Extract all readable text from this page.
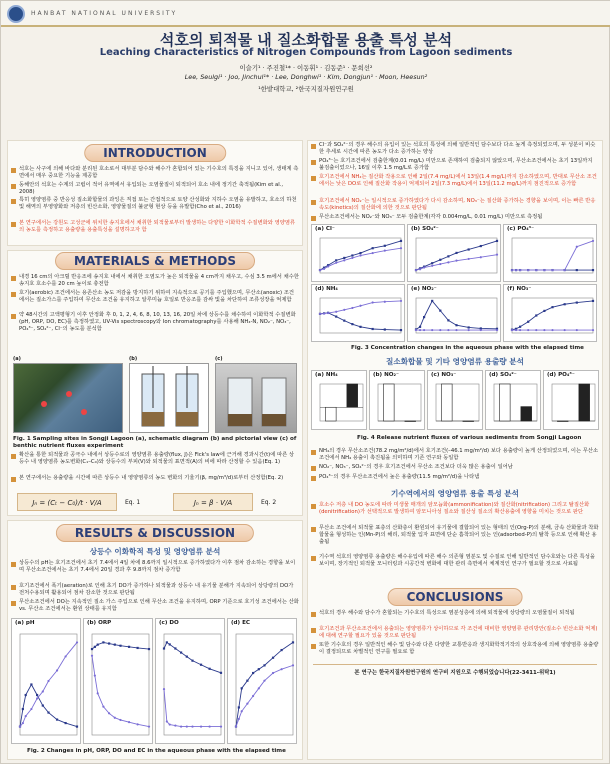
HANBAT NATIONAL UNIVERSITY
석호의 퇴적물 내 질소화합물 용출 특성 분석
Leaching Characteristics of Nitrogen Compounds from Lagoon sediments
이슬기¹ · 주진철¹* · 이동휘¹ · 김동준¹ · 문희선²
Lee, Seulgi¹ · Joo, Jinchul¹* · Lee, Donghwi¹ · Kim, Dongjun¹ · Moon, Heesun²
¹한밭대학교, ²한국지질자원연구원
INTRODUCTION
석호는 사구에 의해 바다와 분리된 호소로서 대부분 담수와 해수가 혼합되어 있는 기수호의 특징을 지니고 있어, 생태계 측면에서 매우 중요한 기능을 제공함
동해안의 석호는 수계의 고립이 적어 유역에서 유입되는 오염물질이 퇴적되어 호소 내에 정기간 축적됨(Kim et al., 2008)
특히 영양염류 중 반응성 질소화합물의 과잉은 직접 또는 간접적으로 토양 산성화와 지하수 오염을 유발하고, 호소의 하천 및 해역의 부영양화와 저층의 빈산소화, 영양물질의 불균형 현상 등을 유발함(Cho et al., 2016)
본 연구에서는 강원도 고성군에 위치한 송지호에서 채취한 퇴적물로부터 발생하는 다양한 이화학적 수질변화와 영양염류의 농도를 측정하고 용출량을 용출특성을 설명하고자 함
MATERIALS & METHODS
내경 16 cm의 아크릴 반응조에 송지호 내에서 채취한 오염도가 높은 퇴적물을 4 cm까지 채우고, 수심 3.5 m에서 채수한 송지호 호소수를 20 cm 높이로 충전함
호기(aerobic) 조건에서는 용존산소 농도 저감을 방지하기 위하여 지속적으로 공기를 주입했으며, 무산소(anoxic) 조건에서는 질소가스를 주입하여 무산소 조건을 유지하고 알루미늄 호일로 반응조를 감싸 빛을 차단하여 조류성장을 억제함
약 48시간의 고액평형기 이후 안정화 후 0, 1, 2, 4, 6, 8, 10, 13, 16, 20일 차에 상등수를 채수하여 이화학적 수질변화(pH, ORP, DO, EC)를 측정하였고, UV-Vis spectroscopy와 Ion chromatography를 사용해 NH₄-N, NO₂⁻, NO₃⁻, PO₄³⁻, SO₄²⁻, Cl⁻의 농도를 분석함
(a)	(b)	(c)
Fig. 1 Sampling sites in Songji Lagoon (a), schematic diagram (b) and pictorial view (c) of benthic nutrient fluxes experiment
확산을 통한 퇴적물과 공극수 내에서 상등수로의 영양염류 용출량(flux, J)은 Fick's law에 근거해 경과시간(t)에 따른 상등수 내 영양염류 농도변화(C₁–C₀)와 상등수의 부피(V)와 퇴적물의 표면적(A)의 비에 따라 산정할 수 있음(Eq. 1)
본 연구에서는 용출량을 시간에 따른 상등수 내 영양염류의 농도 변화의 기울기(β, mg/m³/d)로부터 산정함(Eq. 2)
Jₙ = (Cₜ − C₀)/t · V/A	Eq. 1	Jₙ = β · V/A	Eq. 2
RESULTS & DISCUSSION
상등수 이화학적 특성 및 영양염류 분석
상등수의 pH는 호기조건에서 초기 7.4에서 4일 차에 8.6까지 일시적으로 증가하였다가 이후 점차 감소하는 경향을 보이며 무산소조건에서는 초기 7.4에서 20일 경과 후 9.8까지 점차 증가함
호기조건에서 폭기(aeration)로 인해 초기 DO가 증가하나 퇴적물과 상등수 내 유기물 분해가 지속되어 상당량의 DO가 전처수용되며 활용되어 점차 감소한 것으로 판단됨
무산소조건에서 DO는 지속적인 질소 가스 주입으로 인해 무산소 조건을 유지하며, ORP 기준으로 호기성 조건에서는 산화 vs. 무산소 조건에서는 환원 상태를 유지함
(a) pH	(b) ORP	(c) DO	(d) EC
Fig. 2 Changes in pH, ORP, DO and EC in the aqueous phase with the elapsed time
Cl⁻과 SO₄²⁻의 경우 해수의 유입이 있는 석호의 특성에 의해 일반적인 담수보다 다소 높게 측정되었으며, 두 성분이 비슷한 추세로 시간에 따른 농도가 다소 증가하는 양상
PO₄³⁻는 호기조건에서 검출한계(0.01 mg/L) 미만으로 존재하여 검출되지 않았으며, 무산소조건에서는 초기 13일까지 불검출이었으나, 16일 이후 1.5 mg/L로 증가함
호기조건에서 NH₄는 질산화 작용으로 인해 2일(7.4 mg/L)에서 13일(1.4 mg/L)까지 감소하였으며, 반대로 무산소 조건에서는 낮은 DO로 인해 질산화 작용이 억제되어 2일(7.3 mg/L)에서 13일(11.2 mg/L)까지 점진적으로 증가함
호기조건에서 NO₂⁻는 일시적으로 증가하였다가 다시 감소하며, NO₃⁻는 질산화 증가하는 경향을 보이며, 이는 빠른 반응속도(kinetics)의 질산화에 의한 것으로 판단됨
무산소조건에서는 NO₂⁻와 NO₃⁻ 모두 검출한계(각각 0.004mg/L, 0.01 mg/L) 미만으로 측정됨
(a) Cl⁻	(b) SO₄²⁻	(c) PO₄³⁻
(d) NH₄	(e) NO₂⁻	(f) NO₃⁻
Fig. 3 Concentration changes in the aqueous phase with the elapsed time
질소화합물 및 기타 영양염류 용출량 분석
(a) NH₄	(b) NO₂⁻	(c) NO₃⁻	(d) SO₄²⁻	(d) PO₄³⁻
Fig. 4 Release nutrient fluxes of various sediments from Songji Lagoon
NH₄의 경우 무산소조건(78.2 mg/m²/d)에서 호기조건(–46.1 mg/m²/d) 보다 용출량이 높게 산정되었으며, 이는 무산소 조건에서 NH₄ 용출이 촉진됨을 의미하며 기존 연구와 동일함
NO₂⁻, NO₃⁻, SO₄²⁻의 경우 호기조건에서 무산소 조건보다 더욱 많은 용출이 일어남
PO₄³⁻의 경우 무산소조건에서 높은 용출량(11.5 mg/m²/d)을 나타냄
기수역에서의 영양염류 용출 특성 분석
호소수 저층 내 DO 농도에 따라 미생물 매개의 암모늄화(ammonification)와 질산화(nitrification) 그리고 탈질산화(denitrification)가 선택적으로 발생하여 암모니아성 질소와 질산성 질소의 확산용출에 영향을 미치는 것으로 판단
무산소 조건에서 퇴적물 표층의 산화층이 환원되어 유기물에 결합되어 있는 형태의 인(Org-P)의 분해, 금속 산화물과 착화합물을 형성하는 인(Mn-P)의 해리, 퇴적물 입자 표면에 단순 흡착되어 있는 인(adsorbed-P)의 탈착 등으로 인해 확산 용출됨
기수역 석호의 영양염류 용출량은 해수유입에 따른 해수 의존형 염분도 및 수질로 인해 일반적인 담수호와는 다른 특성을 보이며, 장기적인 퇴적물 모니터링과 시공간적 변화에 대한 관리 측면에서 체계적인 연구가 필요할 것으로 사료됨
CONCLUSIONS
석호의 경우 해수와 담수가 혼합되는 기수호의 특성으로 염분성층에 의해 퇴적물에 상당량의 오염물질이 퇴적됨
호기조건과 무산소조건에서 용출되는 영양염류가 상이하므로 각 조건에 대비한 영양염류 관리방안(질소수 빈산소화 억제)에 대해 연구할 필요가 있을 것으로 판단됨
또한 기수호의 경우 일반적인 해수 및 담수와 다른 다양한 교통반응과 생지화학적기작의 상호작용에 의해 영양염류 용출량이 결정되므로 차별적인 연구를 필요로 함
본 연구는 한국지질자원연구원의 연구비 지원으로 수행되었습니다(22-3411-위탁1)
